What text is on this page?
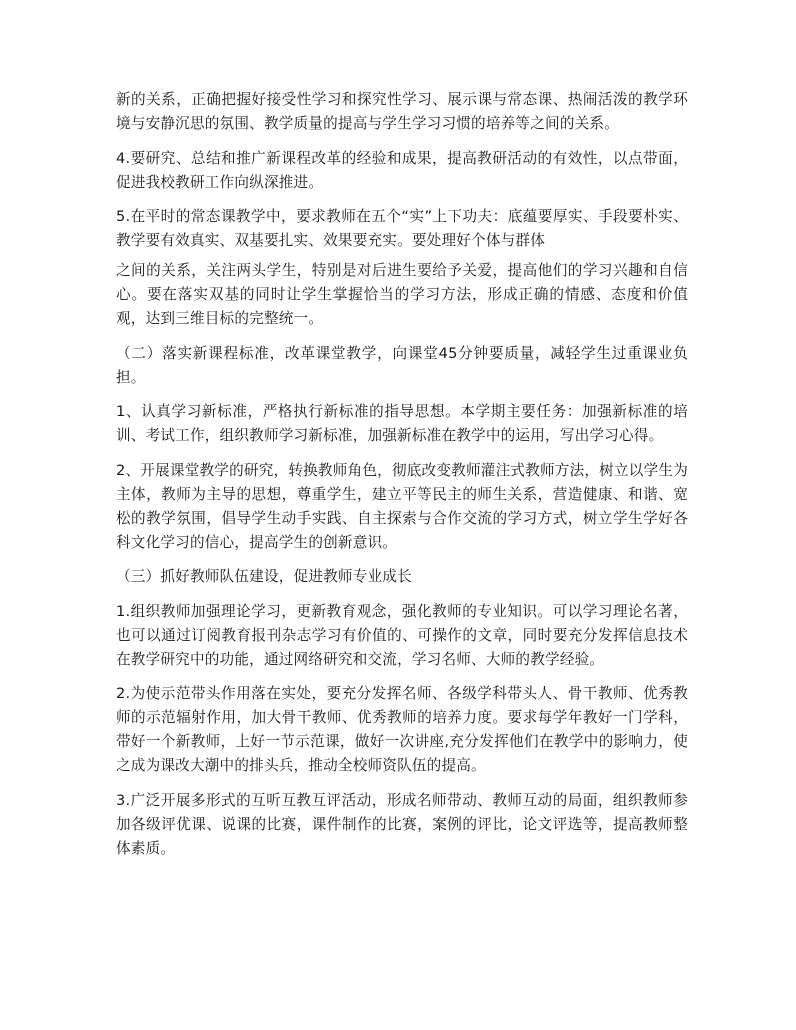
新的关系，正确把握好接受性学习和探究性学习、展示课与常态课、热闹活泼的教学环境与安静沉思的氛围、教学质量的提高与学生学习习惯的培养等之间的关系。

4.要研究、总结和推广新课程改革的经验和成果，提高教研活动的有效性，以点带面，促进我校教研工作向纵深推进。

5.在平时的常态课教学中，要求教师在五个“实”上下功夫：底蕴要厚实、手段要朴实、教学要有效真实、双基要扎实、效果要充实。要处理好个体与群体

之间的关系，关注两头学生，特别是对后进生要给予关爱，提高他们的学习兴趣和自信心。要在落实双基的同时让学生掌握恰当的学习方法，形成正确的情感、态度和价值观，达到三维目标的完整统一。

（二）落实新课程标准，改革课堂教学，向课堂45分钟要质量，减轻学生过重课业负担。

1、认真学习新标准，严格执行新标准的指导思想。本学期主要任务：加强新标准的培训、考试工作，组织教师学习新标准，加强新标准在教学中的运用，写出学习心得。

2、开展课堂教学的研究，转换教师角色，彻底改变教师灌注式教师方法，树立以学生为主体，教师为主导的思想，尊重学生，建立平等民主的师生关系，营造健康、和谐、宽松的教学氛围，倡导学生动手实践、自主探索与合作交流的学习方式，树立学生学好各科文化学习的信心，提高学生的创新意识。

（三）抓好教师队伍建设，促进教师专业成长

1.组织教师加强理论学习，更新教育观念，强化教师的专业知识。可以学习理论名著，也可以通过订阅教育报刊杂志学习有价值的、可操作的文章，同时要充分发挥信息技术在教学研究中的功能，通过网络研究和交流，学习名师、大师的教学经验。

2.为使示范带头作用落在实处，要充分发挥名师、各级学科带头人、骨干教师、优秀教师的示范辐射作用，加大骨干教师、优秀教师的培养力度。要求每学年教好一门学科，带好一个新教师，上好一节示范课，做好一次讲座,充分发挥他们在教学中的影响力，使之成为课改大潮中的排头兵，推动全校师资队伍的提高。

3.广泛开展多形式的互听互教互评活动，形成名师带动、教师互动的局面，组织教师参加各级评优课、说课的比赛，课件制作的比赛，案例的评比，论文评选等，提高教师整体素质。
